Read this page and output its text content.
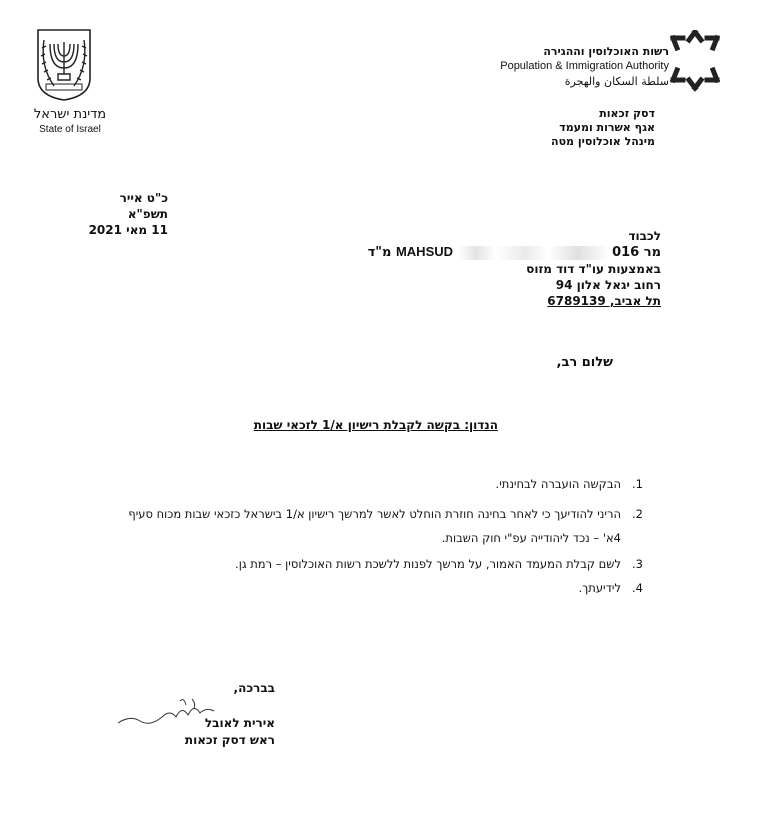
מדינת ישראל
State of Israel
רשות האוכלוסין וההגירה
Population & Immigration Authority
سلطة السكان والهجرة
דסק זכאות
אגף אשרות ומעמד
מינהל אוכלוסין מטה
כ"ט אייר תשפ"א
11 מאי 2021	לכבוד
מר MAHSUD  016 מ"ד
באמצעות עו"ד דוד מזוס
רחוב יגאל אלון 94
תל אביב, 6789139
שלום רב,
הנדון: בקשה לקבלת רישיון א/1 לזכאי שבות
1.
הבקשה הועברה לבחינתי.
2.
הריני להודיעך כי לאחר בחינה חוזרת הוחלט לאשר למרשך רישיון א/1 בישראל כזכאי שבות מכוח סעיף 4א' – נכד ליהודייה עפ"י חוק השבות.
3.
לשם קבלת המעמד האמור, על מרשך לפנות ללשכת רשות האוכלוסין – רמת גן.
4.
לידיעתך.
בברכה,
אירית לאובל
ראש דסק זכאות
